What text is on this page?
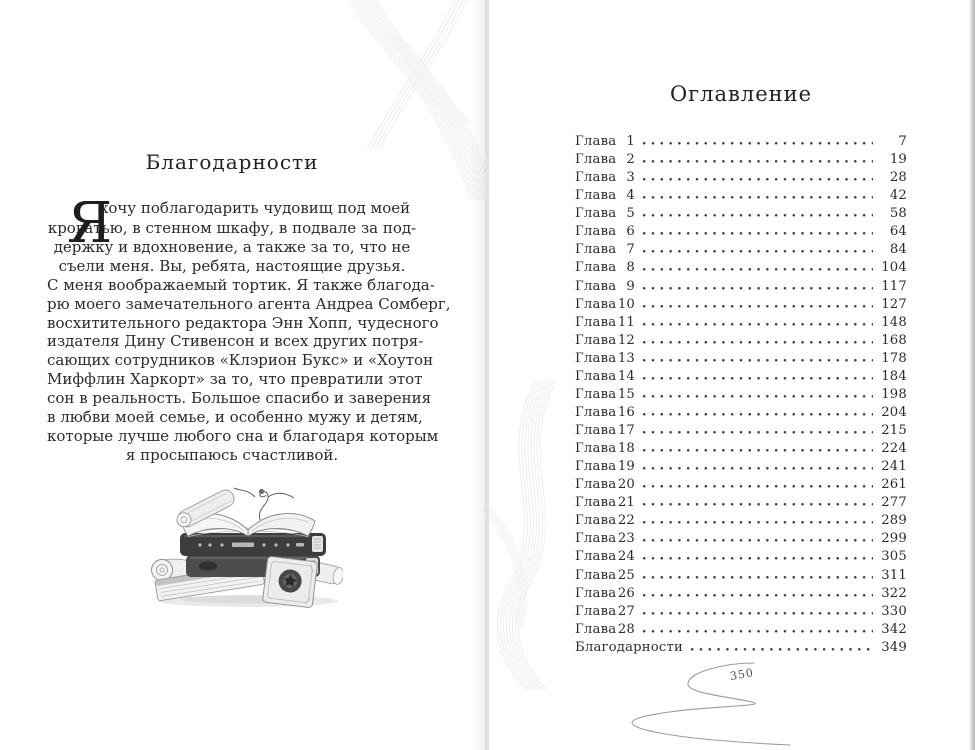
Благодарности
Я
хочу поблагодарить чудовищ под моей
кроватью, в стенном шкафу, в подвале за под-
держку и вдохновение, а также за то, что не
съели меня. Вы, ребята, настоящие друзья.
С меня воображаемый тортик. Я также благода-
рю моего замечательного агента Андреа Сомберг,
восхитительного редактора Энн Хопп, чудесного
издателя Дину Стивенсон и всех других потря-
сающих сотрудников «Клэрион Букс» и «Хоутон
Миффлин Харкорт» за то, что превратили этот
сон в реальность. Большое спасибо и заверения
в любви моей семье, и особенно мужу и детям,
которые лучше любого сна и благодаря которым
я просыпаюсь счастливой.
Оглавление
Глава 1	7
Глава 2	19
Глава 3	28
Глава 4	42
Глава 5	58
Глава 6	64
Глава 7	84
Глава 8	104
Глава 9	117
Глава 10	127
Глава 11	148
Глава 12	168
Глава 13	178
Глава 14	184
Глава 15	198
Глава 16	204
Глава 17	215
Глава 18	224
Глава 19	241
Глава 20	261
Глава 21	277
Глава 22	289
Глава 23	299
Глава 24	305
Глава 25	311
Глава 26	322
Глава 27	330
Глава 28	342
Благодарности	349
350
